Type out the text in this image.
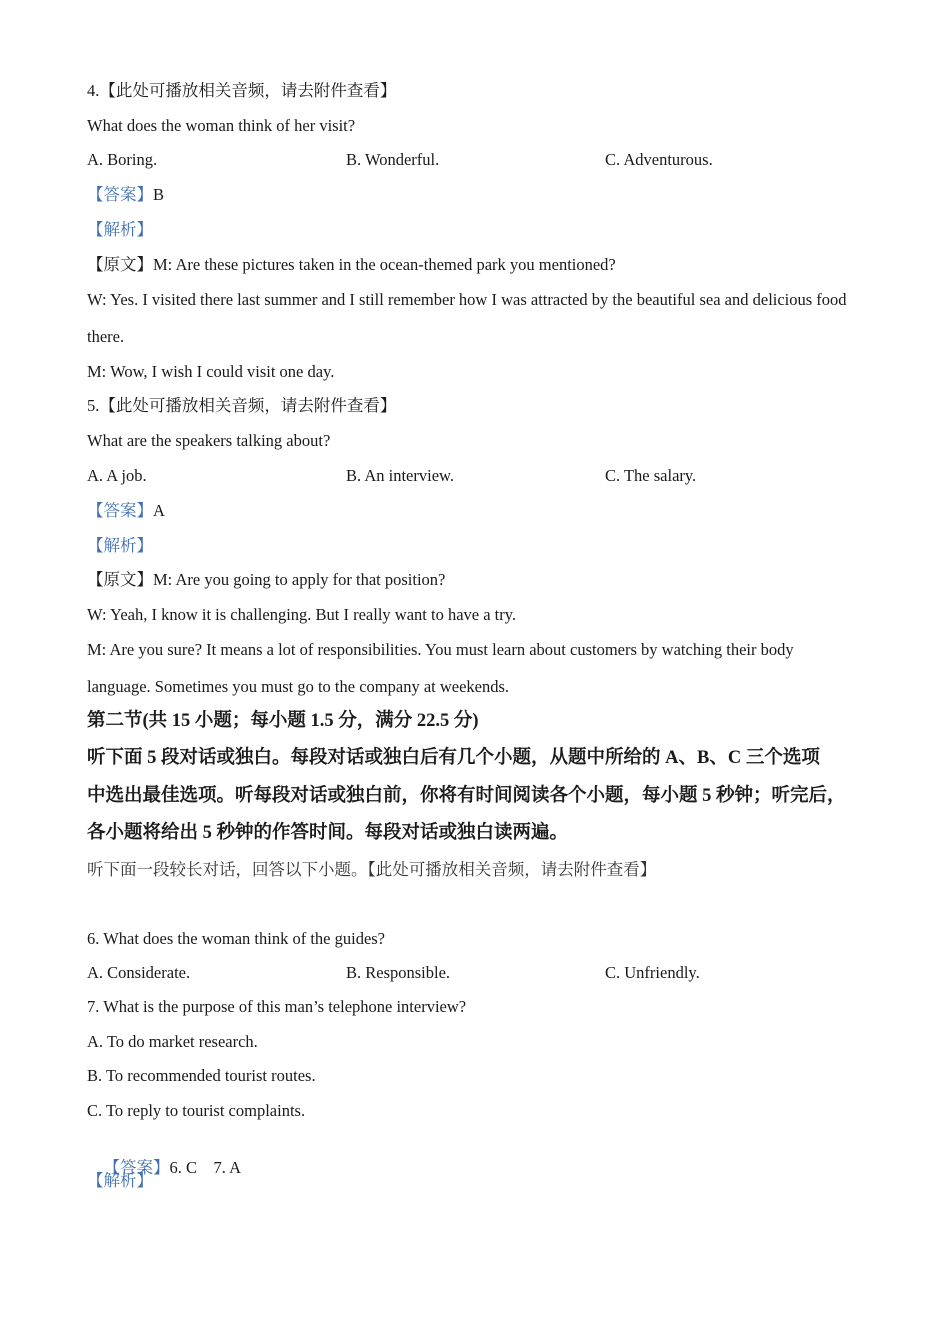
4.【此处可播放相关音频，请去附件查看】
What does the woman think of her visit?
A. Boring.	B. Wonderful.	C. Adventurous.
【答案】B
【解析】
【原文】M: Are these pictures taken in the ocean-themed park you mentioned?
W: Yes. I visited there last summer and I still remember how I was attracted by the beautiful sea and delicious food
there.
M: Wow, I wish I could visit one day.
5.【此处可播放相关音频，请去附件查看】
What are the speakers talking about?
A. A job.	B. An interview.	C. The salary.
【答案】A
【解析】
【原文】M: Are you going to apply for that position?
W: Yeah, I know it is challenging. But I really want to have a try.
M: Are you sure? It means a lot of responsibilities. You must learn about customers by watching their body
language. Sometimes you must go to the company at weekends.
第二节(共 15 小题；每小题 1.5 分，满分 22.5 分)
听下面 5 段对话或独白。每段对话或独白后有几个小题，从题中所给的 A、B、C 三个选项
中选出最佳选项。听每段对话或独白前，你将有时间阅读各个小题，每小题 5 秒钟；听完后，
各小题将给出 5 秒钟的作答时间。每段对话或独白读两遍。
听下面一段较长对话，回答以下小题。【此处可播放相关音频，请去附件查看】
6. What does the woman think of the guides?
A. Considerate.	B. Responsible.	C. Unfriendly.
7. What is the purpose of this man’s telephone interview?
A. To do market research.
B. To recommended tourist routes.
C. To reply to tourist complaints.

【答案】6. C    7. A

【解析】
